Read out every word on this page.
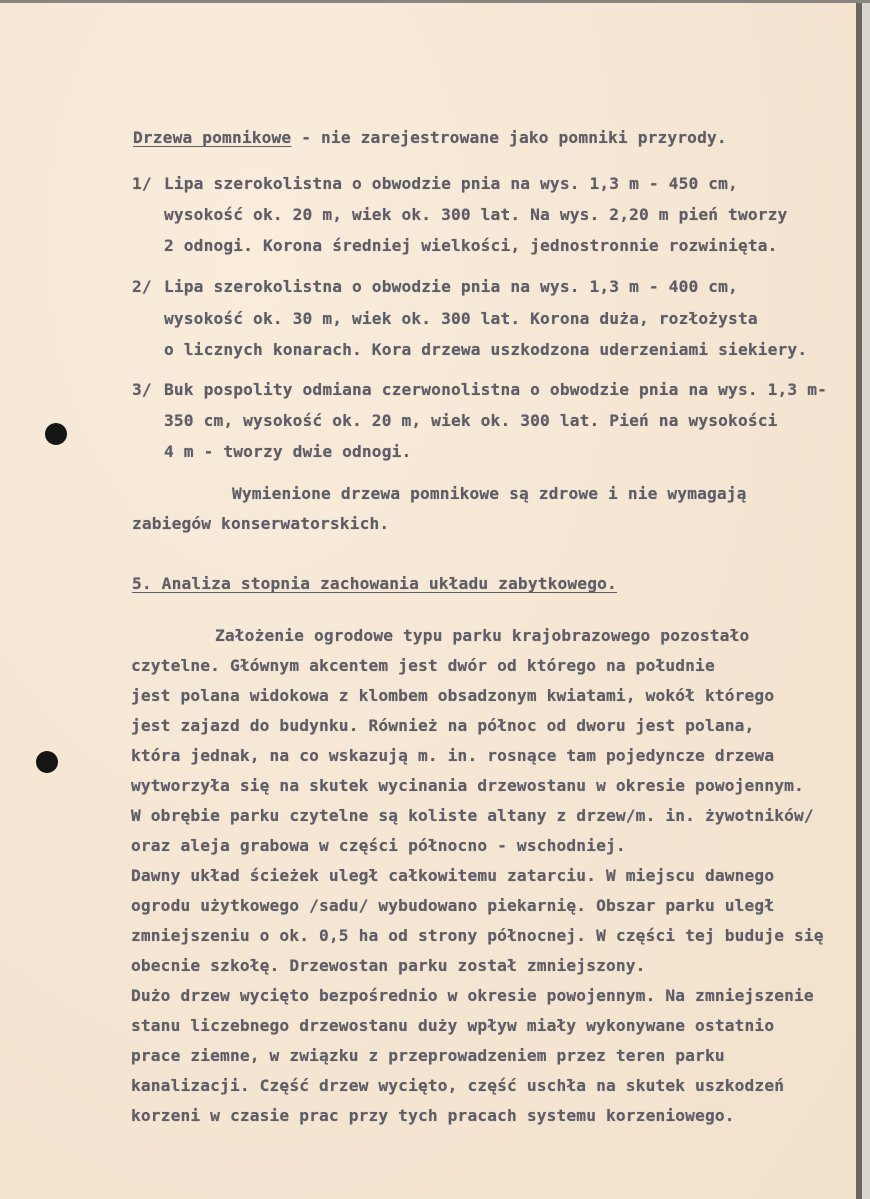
Drzewa pomnikowe - nie zarejestrowane jako pomniki przyrody.
1/ Lipa szerokolistna o obwodzie pnia na wys. 1,3 m - 450 cm,
wysokość ok. 20 m, wiek ok. 300 lat. Na wys. 2,20 m pień tworzy
2 odnogi. Korona średniej wielkości, jednostronnie rozwinięta.
2/ Lipa szerokolistna o obwodzie pnia na wys. 1,3 m - 400 cm,
wysokość ok. 30 m, wiek ok. 300 lat. Korona duża, rozłożysta
o licznych konarach. Kora drzewa uszkodzona uderzeniami siekiery.
3/ Buk pospolity odmiana czerwonolistna o obwodzie pnia na wys. 1,3 m-
350 cm, wysokość ok. 20 m, wiek ok. 300 lat. Pień na wysokości
4 m - tworzy dwie odnogi.
Wymienione drzewa pomnikowe są zdrowe i nie wymagają
zabiegów konserwatorskich.
5. Analiza stopnia zachowania układu zabytkowego.
Założenie ogrodowe typu parku krajobrazowego pozostało
czytelne. Głównym akcentem jest dwór od którego na południe
jest polana widokowa z klombem obsadzonym kwiatami, wokół którego
jest zajazd do budynku. Również na północ od dworu jest polana,
która jednak, na co wskazują m. in. rosnące tam pojedyncze drzewa
wytworzyła się na skutek wycinania drzewostanu w okresie powojennym.
W obrębie parku czytelne są koliste altany z drzew/m. in. żywotników/
oraz aleja grabowa w części północno - wschodniej.
Dawny układ ścieżek uległ całkowitemu zatarciu. W miejscu dawnego
ogrodu użytkowego /sadu/ wybudowano piekarnię. Obszar parku uległ
zmniejszeniu o ok. 0,5 ha od strony północnej. W części tej buduje się
obecnie szkołę. Drzewostan parku został zmniejszony.
Dużo drzew wycięto bezpośrednio w okresie powojennym. Na zmniejszenie
stanu liczebnego drzewostanu duży wpływ miały wykonywane ostatnio
prace ziemne, w związku z przeprowadzeniem przez teren parku
kanalizacji. Część drzew wycięto, część uschła na skutek uszkodzeń
korzeni w czasie prac przy tych pracach systemu korzeniowego.
